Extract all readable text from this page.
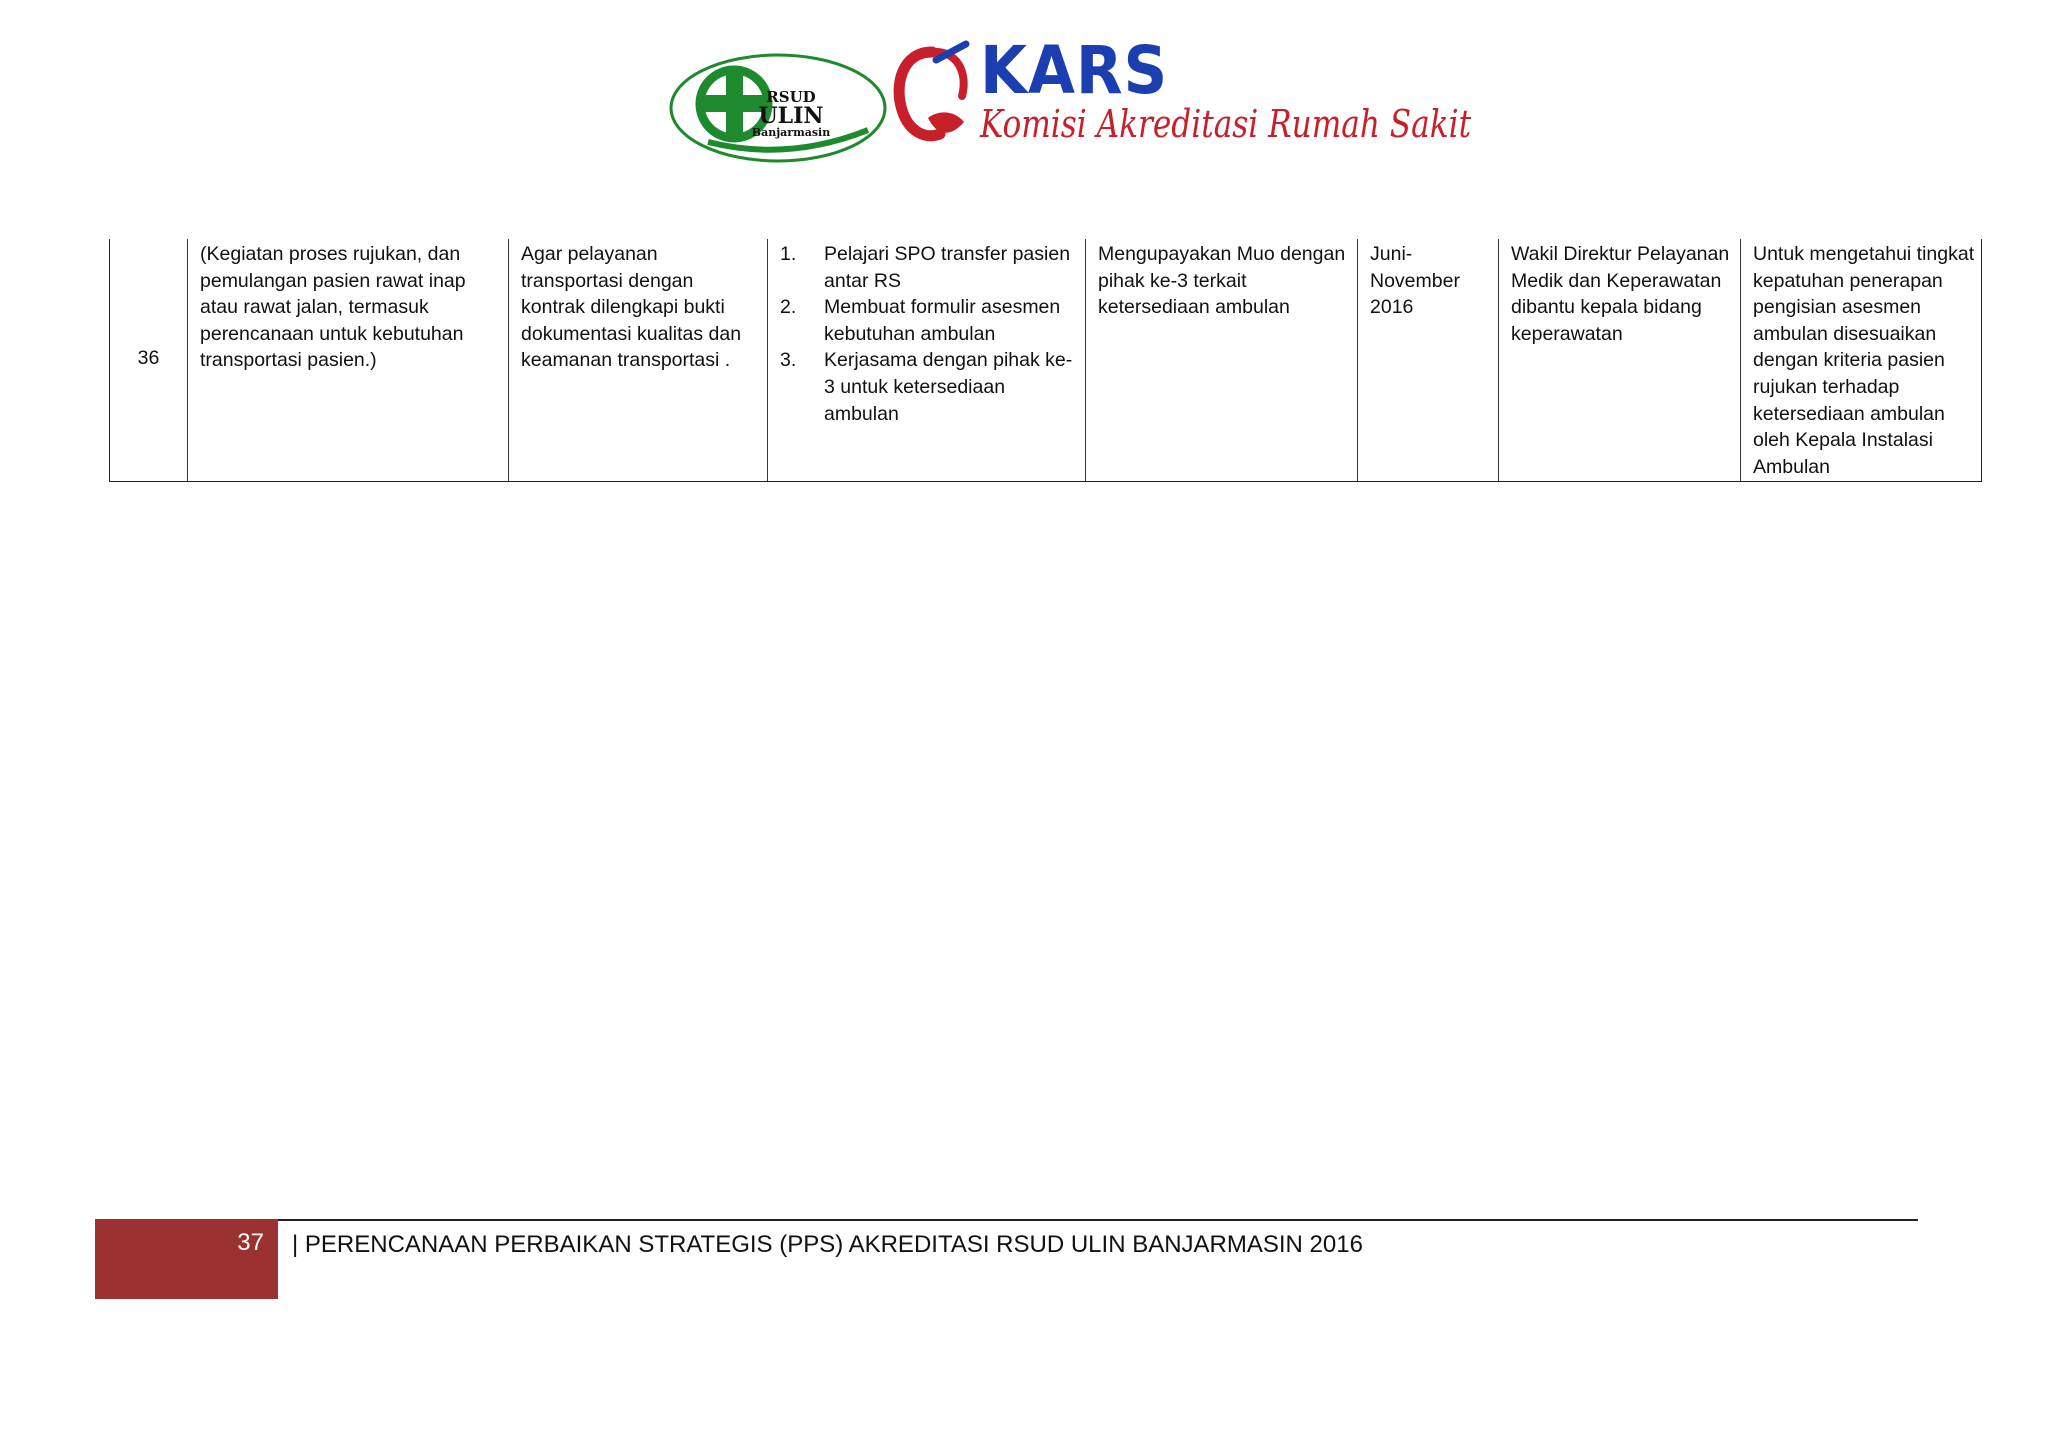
RSUD
ULIN
Banjarmasin
KARS
Komisi Akreditasi Rumah Sakit
36
(Kegiatan proses rujukan, dan pemulangan pasien rawat inap atau rawat jalan, termasuk perencanaan untuk kebutuhan transportasi pasien.)
Agar pelayanan transportasi dengan kontrak dilengkapi bukti dokumentasi kualitas dan keamanan transportasi .
1. Pelajari SPO transfer pasien antar RS
2. Membuat formulir asesmen kebutuhan ambulan
3. Kerjasama dengan pihak ke-3 untuk ketersediaan ambulan
Mengupayakan Muo dengan pihak ke-3 terkait ketersediaan ambulan
Juni-November 2016
Wakil Direktur Pelayanan Medik dan Keperawatan dibantu kepala bidang keperawatan
Untuk mengetahui tingkat kepatuhan penerapan pengisian asesmen ambulan disesuaikan dengan kriteria pasien rujukan terhadap ketersediaan ambulan oleh Kepala Instalasi Ambulan
37 | PERENCANAAN PERBAIKAN STRATEGIS (PPS) AKREDITASI RSUD ULIN BANJARMASIN 2016
